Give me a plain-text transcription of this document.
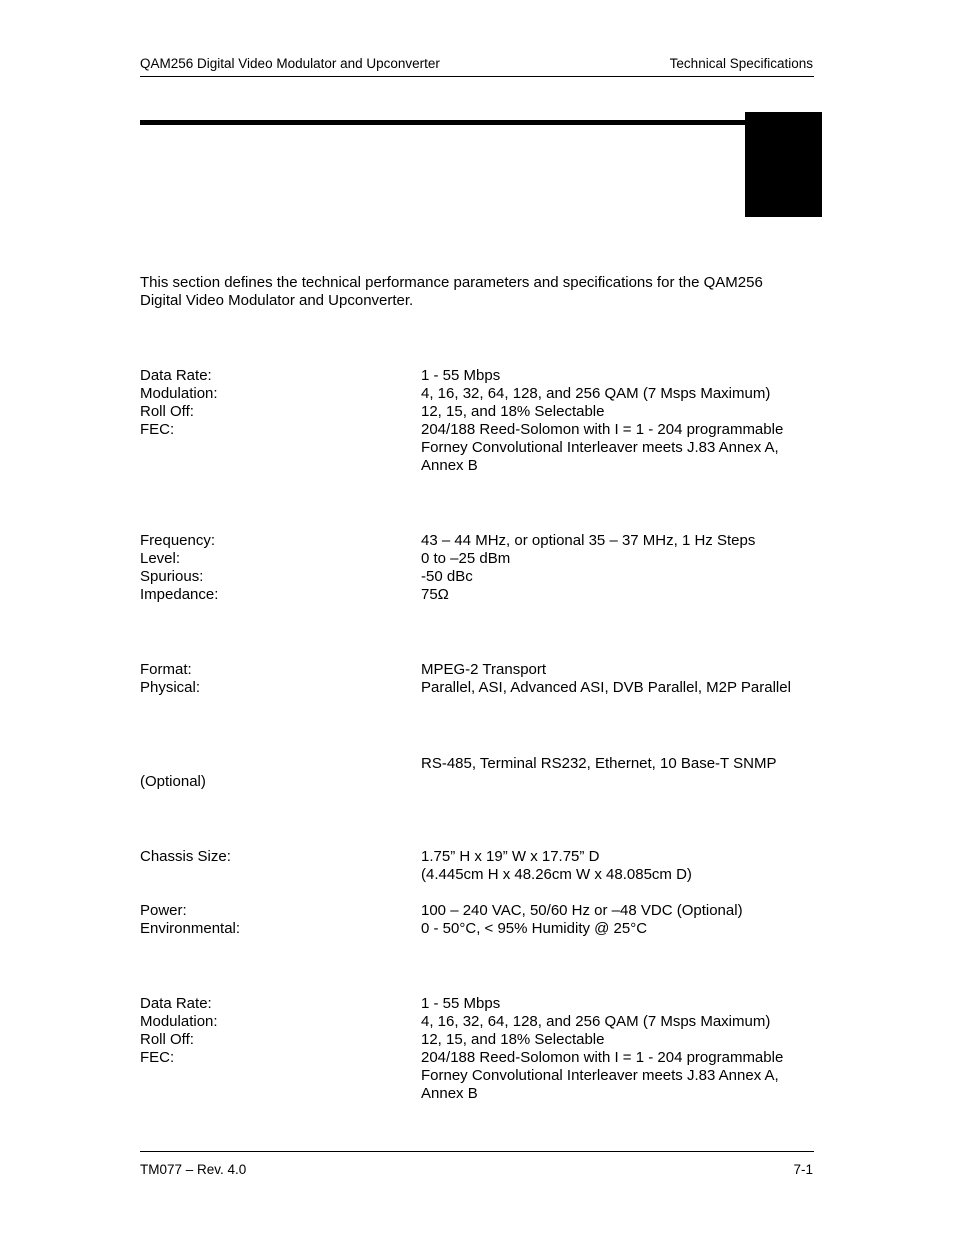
QAM256 Digital Video Modulator and Upconverter	Technical Specifications
This section defines the technical performance parameters and specifications for the QAM256
Digital Video Modulator and Upconverter.
Data Rate:	1 - 55 Mbps
Modulation:	4, 16, 32, 64, 128, and 256 QAM (7 Msps Maximum)
Roll Off:	12, 15, and 18% Selectable
FEC:	204/188 Reed-Solomon with I = 1 - 204 programmable
Forney Convolutional Interleaver meets J.83 Annex A,
Annex B
Frequency:	43 – 44 MHz, or optional 35 – 37 MHz, 1 Hz Steps
Level:	0 to –25 dBm
Spurious:	-50 dBc
Impedance:	75Ω
Format:	MPEG-2 Transport
Physical:	Parallel, ASI, Advanced ASI, DVB Parallel, M2P Parallel
RS-485, Terminal RS232, Ethernet, 10 Base-T SNMP
(Optional)
Chassis Size:	1.75” H x 19” W x 17.75” D
(4.445cm H x 48.26cm W x 48.085cm D)
Power:	100 – 240 VAC, 50/60 Hz or –48 VDC (Optional)
Environmental:	0 - 50°C, < 95% Humidity @ 25°C
Data Rate:	1 - 55 Mbps
Modulation:	4, 16, 32, 64, 128, and 256 QAM (7 Msps Maximum)
Roll Off:	12, 15, and 18% Selectable
FEC:	204/188 Reed-Solomon with I = 1 - 204 programmable
Forney Convolutional Interleaver meets J.83 Annex A,
Annex B
TM077 – Rev. 4.0	7-1
